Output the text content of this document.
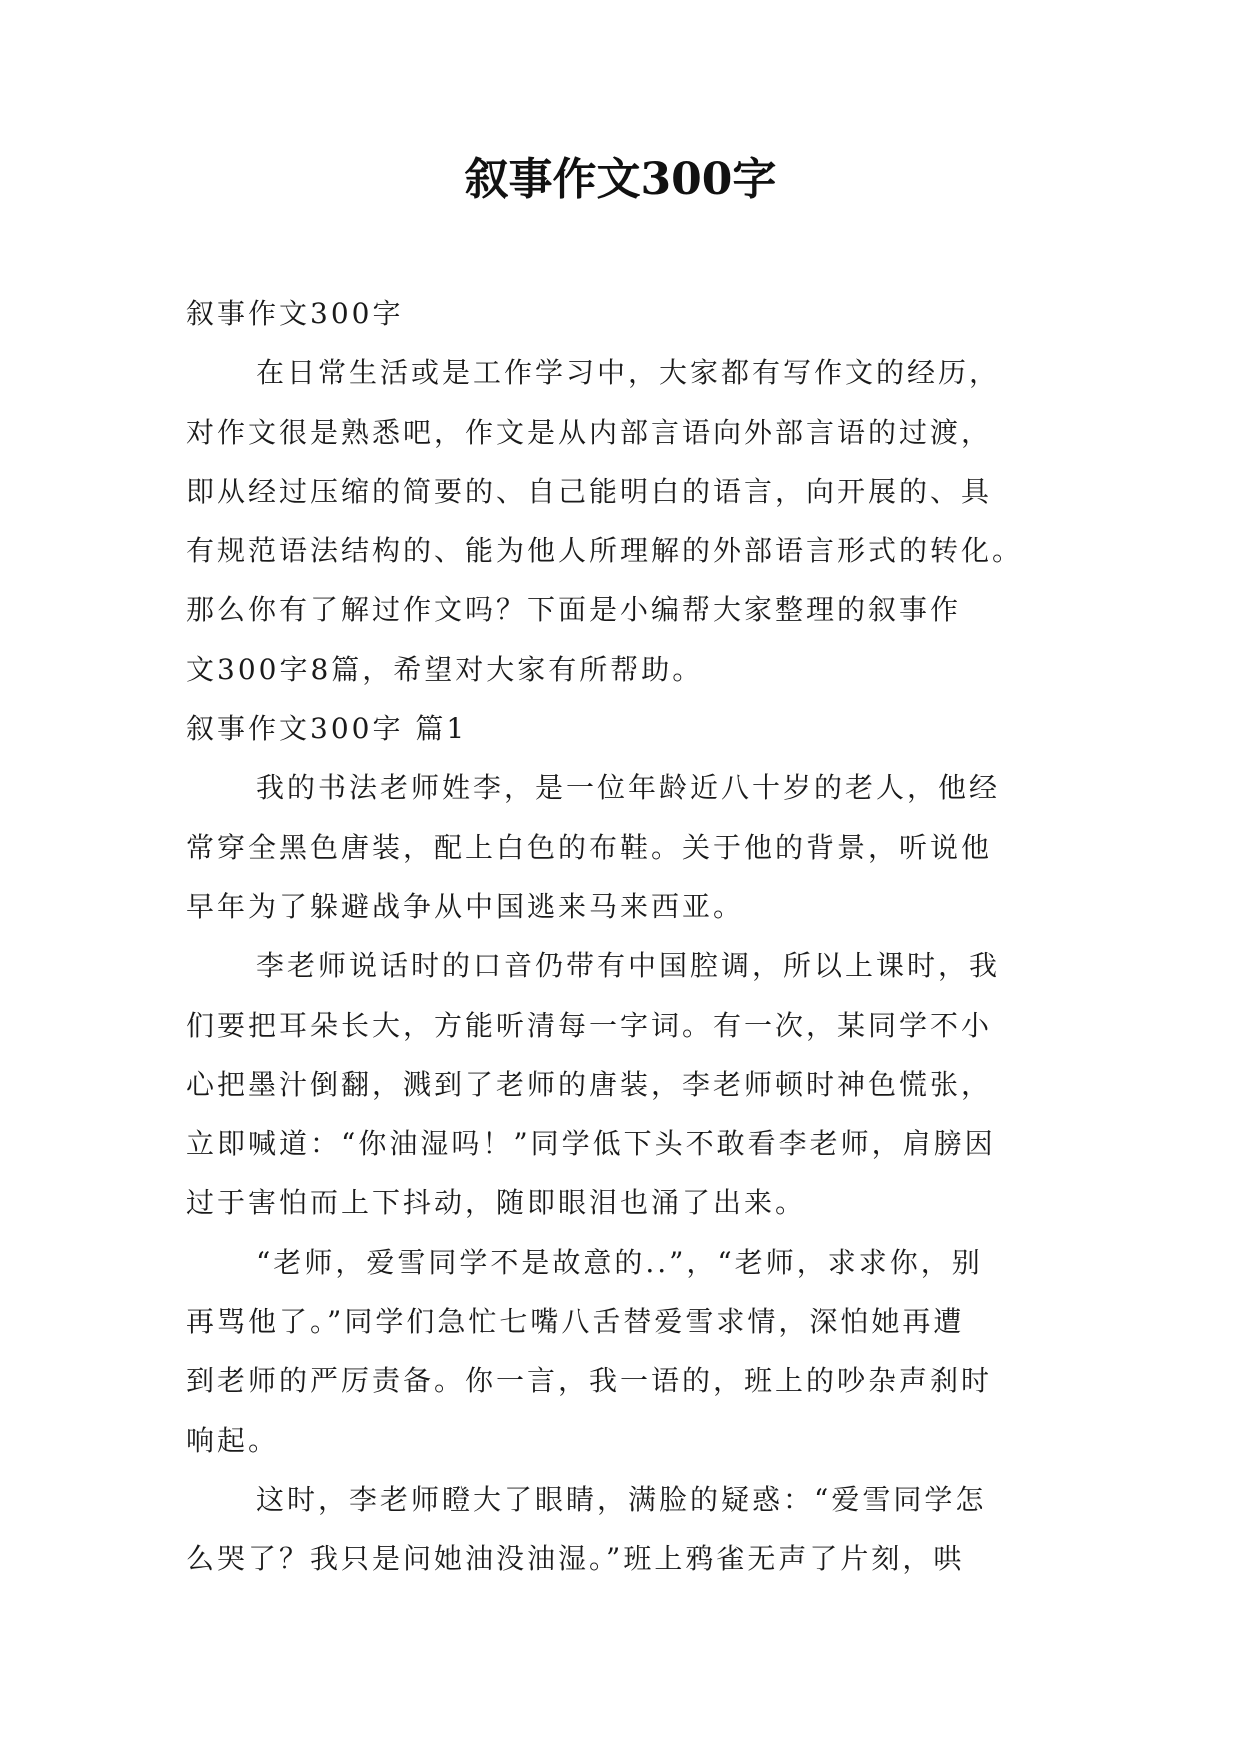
叙事作文300字
叙事作文300字
在日常生活或是工作学习中，大家都有写作文的经历，
对作文很是熟悉吧，作文是从内部言语向外部言语的过渡，
即从经过压缩的简要的、自己能明白的语言，向开展的、具
有规范语法结构的、能为他人所理解的外部语言形式的转化。
那么你有了解过作文吗？下面是小编帮大家整理的叙事作
文300字8篇，希望对大家有所帮助。
叙事作文300字 篇1
我的书法老师姓李，是一位年龄近八十岁的老人，他经
常穿全黑色唐装，配上白色的布鞋。关于他的背景，听说他
早年为了躲避战争从中国逃来马来西亚。
李老师说话时的口音仍带有中国腔调，所以上课时，我
们要把耳朵长大，方能听清每一字词。有一次，某同学不小
心把墨汁倒翻，溅到了老师的唐装，李老师顿时神色慌张，
立即喊道：“你油湿吗！”同学低下头不敢看李老师，肩膀因
过于害怕而上下抖动，随即眼泪也涌了出来。
“老师，爱雪同学不是故意的..”，“老师，求求你，别
再骂他了。”同学们急忙七嘴八舌替爱雪求情，深怕她再遭
到老师的严厉责备。你一言，我一语的，班上的吵杂声刹时
响起。
这时，李老师瞪大了眼睛，满脸的疑惑：“爱雪同学怎
么哭了？我只是问她油没油湿。”班上鸦雀无声了片刻，哄
